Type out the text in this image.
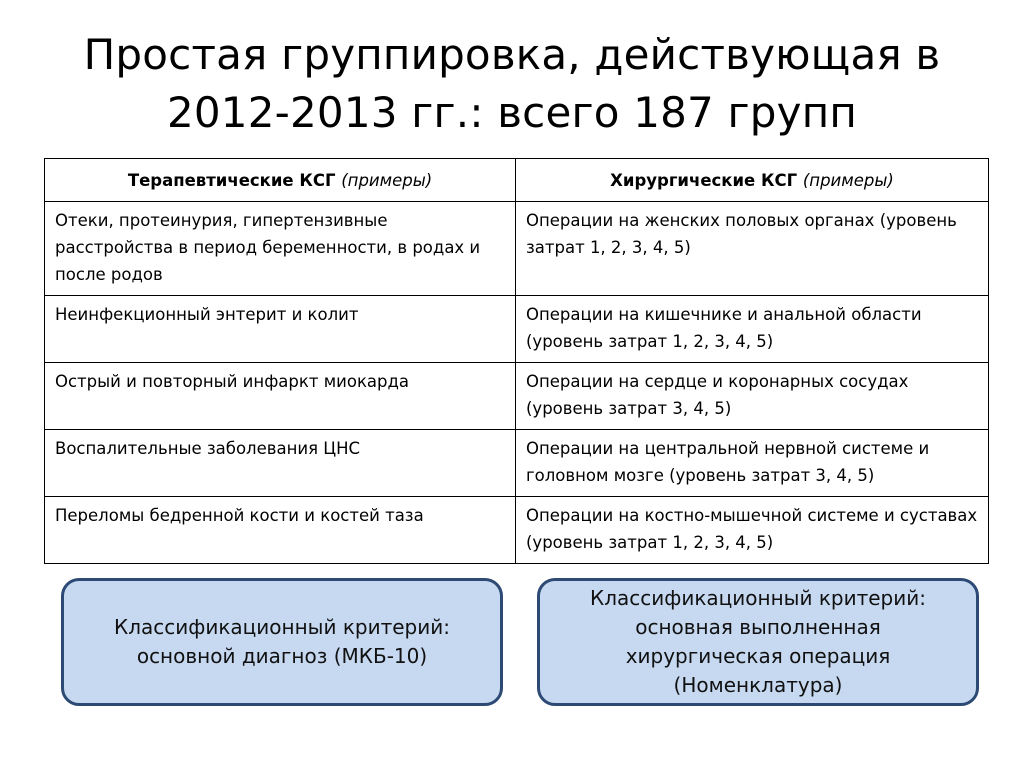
Простая группировка, действующая в
2012-2013 гг.: всего 187 групп
Терапевтические КСГ (примеры)	Хирургические КСГ (примеры)
Отеки, протеинурия, гипертензивные расстройства в период беременности, в родах и после родов	Операции на женских половых органах (уровень затрат 1, 2, 3, 4, 5)
Неинфекционный энтерит и колит	Операции на кишечнике и анальной области (уровень затрат 1, 2, 3, 4, 5)
Острый и повторный инфаркт миокарда	Операции на сердце и коронарных сосудах (уровень затрат 3, 4, 5)
Воспалительные заболевания ЦНС	Операции на центральной нервной системе и головном мозге (уровень затрат 3, 4, 5)
Переломы бедренной кости и костей таза	Операции на костно-мышечной системе и суставах (уровень затрат 1, 2, 3, 4, 5)
Классификационный критерий:
основной диагноз (МКБ-10)
Классификационный критерий:
основная выполненная
хирургическая операция
(Номенклатура)
